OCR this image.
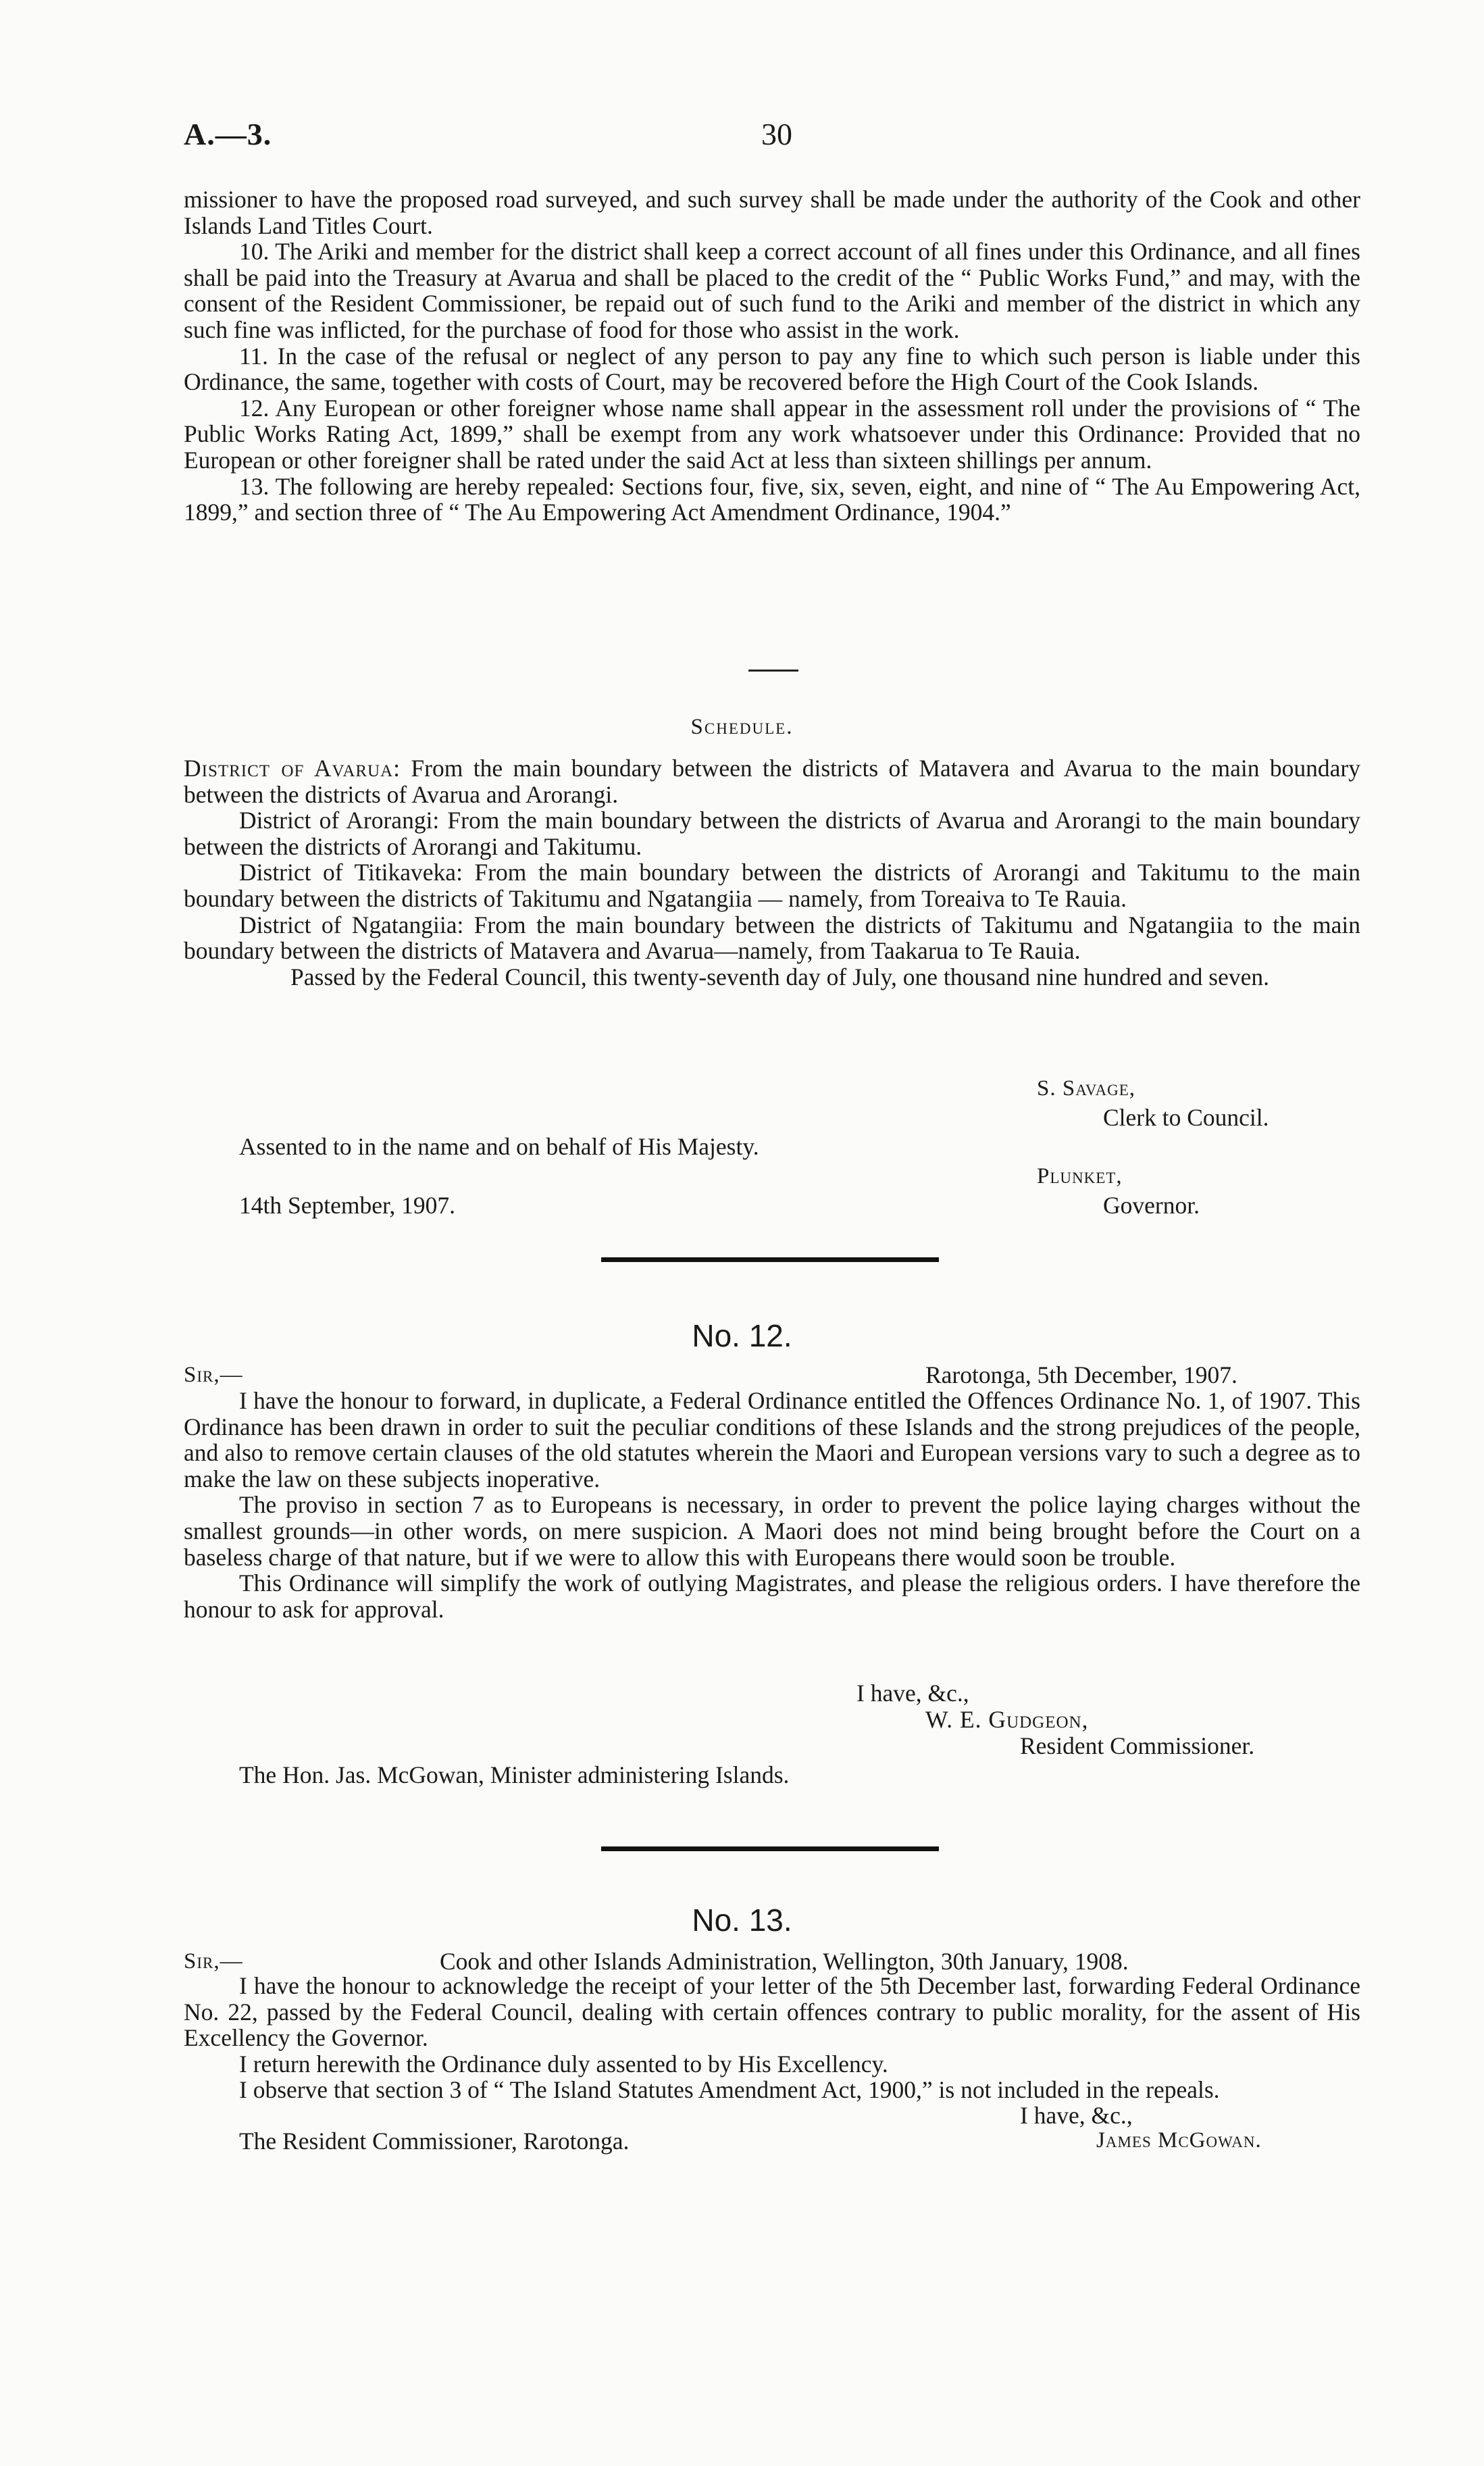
A.—3.	30

missioner to have the proposed road surveyed, and such survey shall be made under the authority of the Cook and other Islands Land Titles Court.

10. The Ariki and member for the district shall keep a correct account of all fines under this Ordinance, and all fines shall be paid into the Treasury at Avarua and shall be placed to the credit of the “ Public Works Fund,” and may, with the consent of the Resident Commissioner, be repaid out of such fund to the Ariki and member of the district in which any such fine was inflicted, for the purchase of food for those who assist in the work.

11. In the case of the refusal or neglect of any person to pay any fine to which such person is liable under this Ordinance, the same, together with costs of Court, may be recovered before the High Court of the Cook Islands.

12. Any European or other foreigner whose name shall appear in the assessment roll under the provisions of “ The Public Works Rating Act, 1899,” shall be exempt from any work whatsoever under this Ordinance: Provided that no European or other foreigner shall be rated under the said Act at less than sixteen shillings per annum.

13. The following are hereby repealed: Sections four, five, six, seven, eight, and nine of “ The Au Empowering Act, 1899,” and section three of “ The Au Empowering Act Amendment Ordinance, 1904.”

Schedule.

District of Avarua: From the main boundary between the districts of Matavera and Avarua to the main boundary between the districts of Avarua and Arorangi.

District of Arorangi: From the main boundary between the districts of Avarua and Arorangi to the main boundary between the districts of Arorangi and Takitumu.

District of Titikaveka: From the main boundary between the districts of Arorangi and Takitumu to the main boundary between the districts of Takitumu and Ngatangiia — namely, from Toreaiva to Te Rauia.

District of Ngatangiia: From the main boundary between the districts of Takitumu and Ngatangiia to the main boundary between the districts of Matavera and Avarua—namely, from Taakarua to Te Rauia.

Passed by the Federal Council, this twenty-seventh day of July, one thousand nine hundred and seven.

S. Savage,
Clerk to Council.
Assented to in the name and on behalf of His Majesty.
Plunket,
Governor.
14th September, 1907.
No. 12.
Sir,—	Rarotonga, 5th December, 1907.

I have the honour to forward, in duplicate, a Federal Ordinance entitled the Offences Ordinance No. 1, of 1907. This Ordinance has been drawn in order to suit the peculiar conditions of these Islands and the strong prejudices of the people, and also to remove certain clauses of the old statutes wherein the Maori and European versions vary to such a degree as to make the law on these subjects inoperative.

The proviso in section 7 as to Europeans is necessary, in order to prevent the police laying charges without the smallest grounds—in other words, on mere suspicion. A Maori does not mind being brought before the Court on a baseless charge of that nature, but if we were to allow this with Europeans there would soon be trouble.

This Ordinance will simplify the work of outlying Magistrates, and please the religious orders. I have therefore the honour to ask for approval.

I have, &c.,
W. E. Gudgeon,
Resident Commissioner.
The Hon. Jas. McGowan, Minister administering Islands.
No. 13.
Sir,—	Cook and other Islands Administration, Wellington, 30th January, 1908.

I have the honour to acknowledge the receipt of your letter of the 5th December last, forwarding Federal Ordinance No. 22, passed by the Federal Council, dealing with certain offences contrary to public morality, for the assent of His Excellency the Governor.

I return herewith the Ordinance duly assented to by His Excellency.

I observe that section 3 of “ The Island Statutes Amendment Act, 1900,” is not included in the repeals.

I have, &c.,
The Resident Commissioner, Rarotonga.	James McGowan.
